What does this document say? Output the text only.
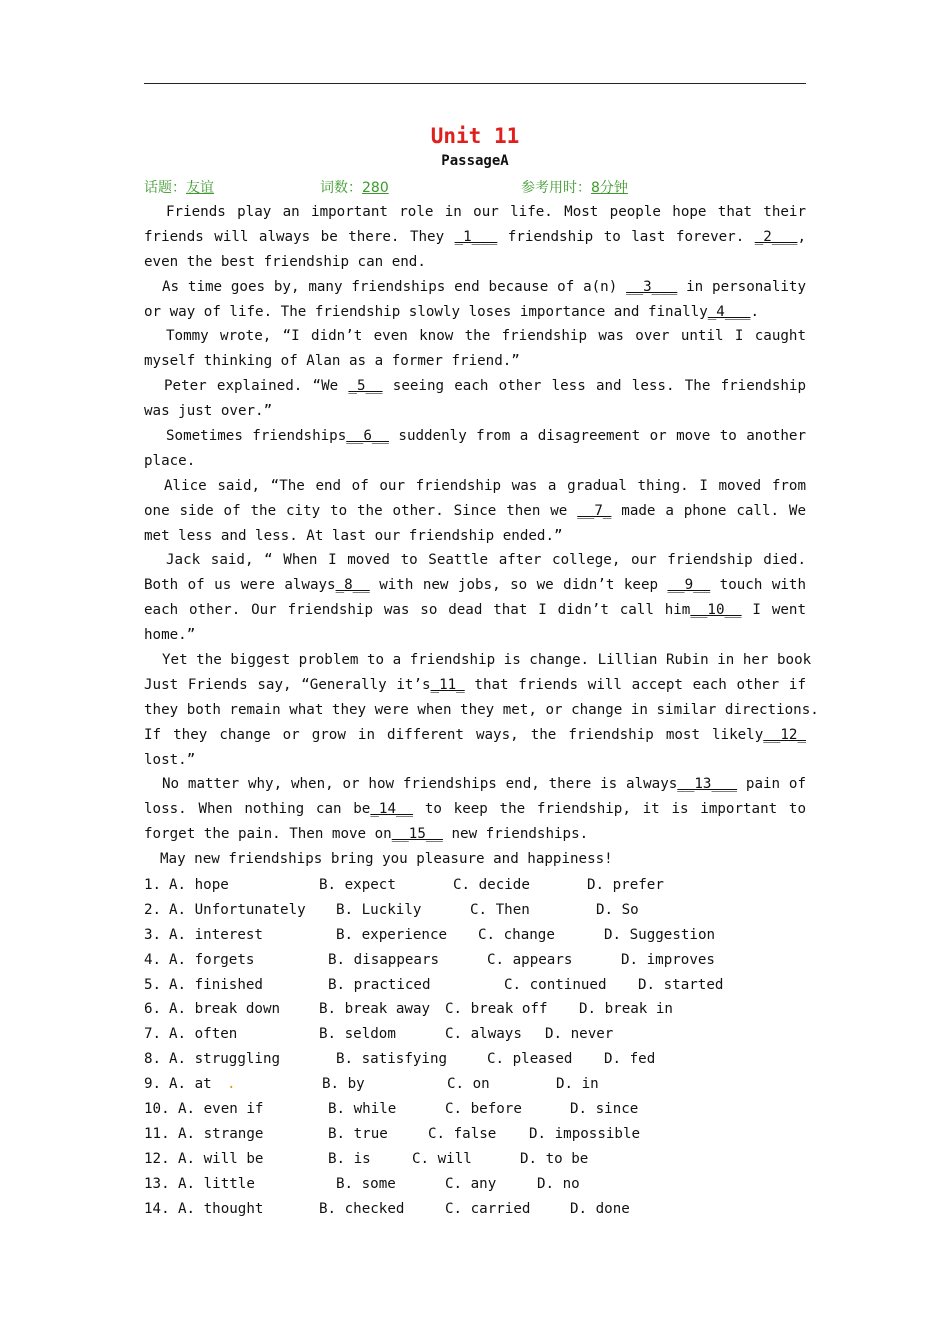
Unit 11
PassageA
话题：友谊	词数：280	参考用时：8分钟
Friends play an important role in our life. Most people hope that their
friends will always be there. They _1___ friendship to last forever. _2___,
even the best friendship can end.
As time goes by, many friendships end because of a(n) __3___ in personality
or way of life. The friendship slowly loses importance and finally_4___.
Tommy wrote, “I didn’t even know the friendship was over until I caught
myself thinking of Alan as a former friend.”
Peter explained. “We _5__ seeing each other less and less. The friendship
was just over.”
Sometimes friendships__6__ suddenly from a disagreement or move to another
place.
Alice said, “The end of our friendship was a gradual thing. I moved from
one side of the city to the other. Since then we __7_ made a phone call. We
met less and less. At last our friendship ended.”
Jack said, “ When I moved to Seattle after college, our friendship died.
Both of us were always_8__ with new jobs, so we didn’t keep __9__ touch with
each other. Our friendship was so dead that I didn’t call him__10__ I went
home.”
Yet the biggest problem to a friendship is change. Lillian Rubin in her book
Just Friends say, “Generally it’s_11_ that friends will accept each other if
they both remain what they were when they met, or change in similar directions.
If they change or grow in different ways, the friendship most likely__12_
lost.”
No matter why, when, or how friendships end, there is always__13___ pain of
loss. When nothing can be_14__ to keep the friendship, it is important to
forget the pain. Then move on__15__ new friendships.
May new friendships bring you pleasure and happiness!
1. A. hope	B. expect	C. decide	D. prefer
2. A. Unfortunately B. Luckily	C. Then	D. So
3. A. interest	B. experience C. change	D. Suggestion
4. A. forgets	B. disappears	C. appears	D. improves
5. A. finished	B. practiced	C. continued D. started
6. A. break down	B. break away C. break off D. break in
7. A. often	B. seldom	C. always D. never
8. A. struggling	B. satisfying	C. pleased D. fed
9. A. at .	B. by	C. on	D. in
10. A. even if	B. while	C. before	D. since
11. A. strange	B. true	C. false D. impossible
12. A. will be	B. is	C. will	D. to be
13. A. little	B. some	C. any	D. no
14. A. thought	B. checked	C. carried	D. done
